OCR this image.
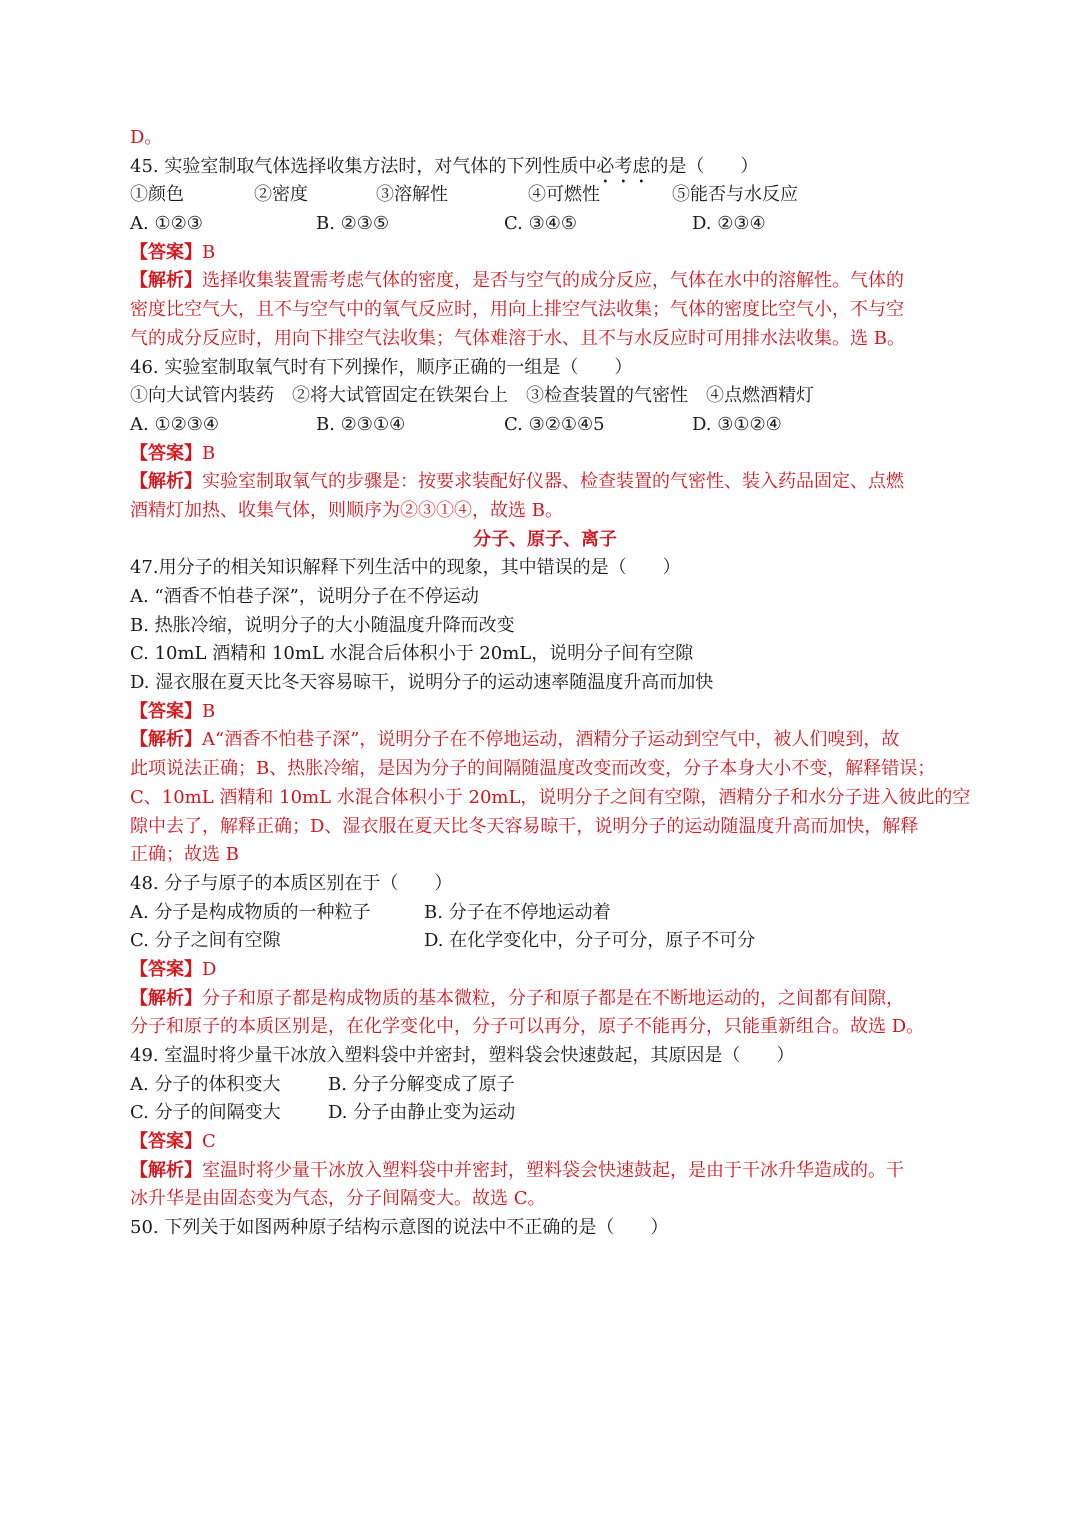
D。
45. 实验室制取气体选择收集方法时，对气体的下列性质中必考虑的是（　　）
①颜色	②密度	③溶解性	④可燃性	⑤能否与水反应
A. ①②③	B. ②③⑤	C. ③④⑤	D. ②③④
【答案】B
【解析】选择收集装置需考虑气体的密度，是否与空气的成分反应，气体在水中的溶解性。气体的
密度比空气大，且不与空气中的氧气反应时，用向上排空气法收集；气体的密度比空气小，不与空
气的成分反应时，用向下排空气法收集；气体难溶于水、且不与水反应时可用排水法收集。选 B。
46. 实验室制取氧气时有下列操作，顺序正确的一组是（　　）
①向大试管内装药　②将大试管固定在铁架台上　③检查装置的气密性　④点燃酒精灯
A. ①②③④	B. ②③①④	C. ③②①④5	D. ③①②④
【答案】B
【解析】实验室制取氧气的步骤是：按要求装配好仪器、检查装置的气密性、装入药品固定、点燃
酒精灯加热、收集气体，则顺序为②③①④，故选 B。
分子、原子、离子
47.用分子的相关知识解释下列生活中的现象，其中错误的是（　　）
A. “酒香不怕巷子深”，说明分子在不停运动
B. 热胀冷缩，说明分子的大小随温度升降而改变
C. 10mL 酒精和 10mL 水混合后体积小于 20mL，说明分子间有空隙
D. 湿衣服在夏天比冬天容易晾干，说明分子的运动速率随温度升高而加快
【答案】B
【解析】A“酒香不怕巷子深”，说明分子在不停地运动，酒精分子运动到空气中，被人们嗅到，故
此项说法正确；B、热胀冷缩，是因为分子的间隔随温度改变而改变，分子本身大小不变，解释错误；
C、10mL 酒精和 10mL 水混合体积小于 20mL，说明分子之间有空隙，酒精分子和水分子进入彼此的空
隙中去了，解释正确；D、湿衣服在夏天比冬天容易晾干，说明分子的运动随温度升高而加快，解释
正确；故选 B
48. 分子与原子的本质区别在于（　　）
A. 分子是构成物质的一种粒子	B. 分子在不停地运动着
C. 分子之间有空隙	D. 在化学变化中，分子可分，原子不可分
【答案】D
【解析】分子和原子都是构成物质的基本微粒，分子和原子都是在不断地运动的，之间都有间隙，
分子和原子的本质区别是，在化学变化中，分子可以再分，原子不能再分，只能重新组合。故选 D。
49. 室温时将少量干冰放入塑料袋中并密封，塑料袋会快速鼓起，其原因是（　　）
A. 分子的体积变大	B. 分子分解变成了原子
C. 分子的间隔变大	D. 分子由静止变为运动
【答案】C
【解析】室温时将少量干冰放入塑料袋中并密封，塑料袋会快速鼓起，是由于干冰升华造成的。干
冰升华是由固态变为气态，分子间隔变大。故选 C。
50. 下列关于如图两种原子结构示意图的说法中不正确的是（　　）
